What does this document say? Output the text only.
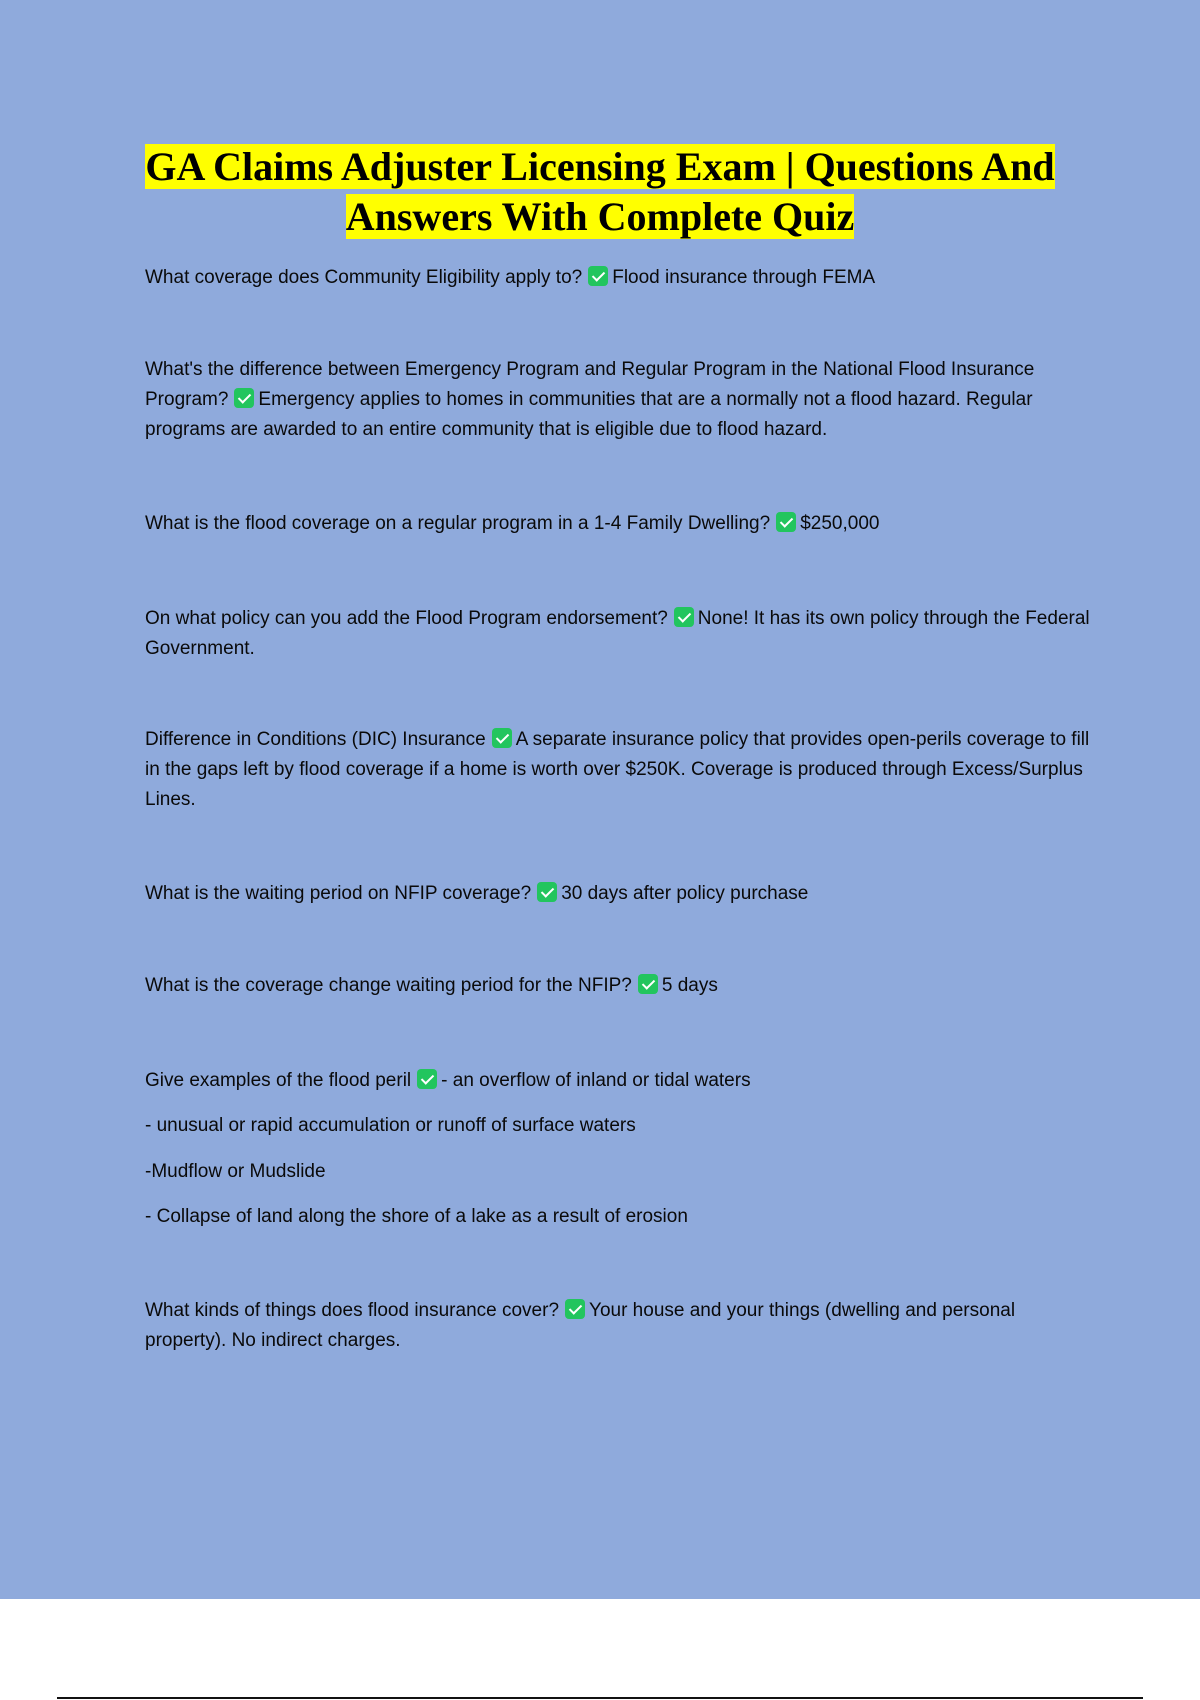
GA Claims Adjuster Licensing Exam | Questions And
Answers With Complete Quiz

What coverage does Community Eligibility apply to? Flood insurance through FEMA

What's the difference between Emergency Program and Regular Program in the National Flood Insurance Program? Emergency applies to homes in communities that are a normally not a flood hazard. Regular programs are awarded to an entire community that is eligible due to flood hazard.

What is the flood coverage on a regular program in a 1-4 Family Dwelling? $250,000

On what policy can you add the Flood Program endorsement? None! It has its own policy through the Federal Government.

Difference in Conditions (DIC) Insurance A separate insurance policy that provides open-perils coverage to fill in the gaps left by flood coverage if a home is worth over $250K. Coverage is produced through Excess/Surplus Lines.

What is the waiting period on NFIP coverage? 30 days after policy purchase

What is the coverage change waiting period for the NFIP? 5 days

Give examples of the flood peril - an overflow of inland or tidal waters

- unusual or rapid accumulation or runoff of surface waters

-Mudflow or Mudslide

- Collapse of land along the shore of a lake as a result of erosion

What kinds of things does flood insurance cover? Your house and your things (dwelling and personal property). No indirect charges.
